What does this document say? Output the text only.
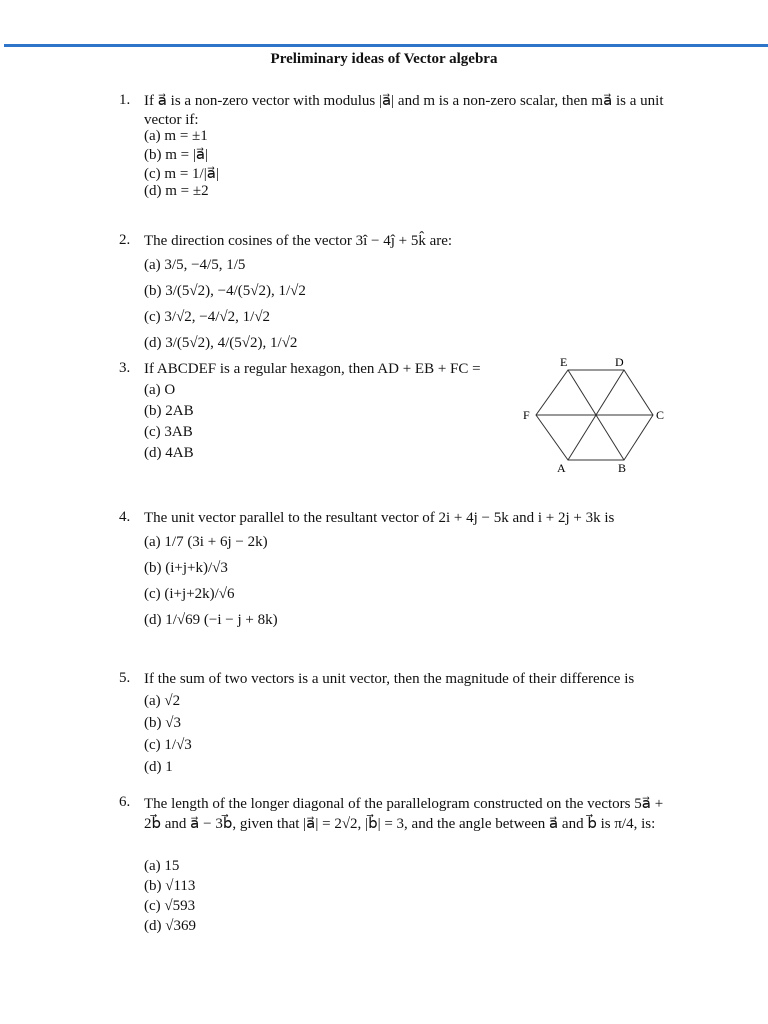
Preliminary ideas of Vector algebra
1. If a⃗ is a non-zero vector with modulus |a⃗| and m is a non-zero scalar, then ma⃗ is a unit vector if:
(a) m = ±1
(b) m = |a⃗|
(c) m = 1/|a⃗|
(d) m = ±2
2. The direction cosines of the vector 3î − 4ĵ + 5k̂ are:
(a) 3/5, −4/5, 1/5
(b) 3/(5√2), −4/(5√2), 1/√2
(c) 3/√2, −4/√2, 1/√2
(d) 3/(5√2), 4/(5√2), 1/√2
3. If ABCDEF is a regular hexagon, then AD + EB + FC =
(a) O
(b) 2AB
(c) 3AB
(d) 4AB
E	D
F	C
A	B
4. The unit vector parallel to the resultant vector of 2i + 4j − 5k and i + 2j + 3k is
(a) 1/7 (3i + 6j − 2k)
(b) (i+j+k)/√3
(c) (i+j+2k)/√6
(d) 1/√69 (−i − j + 8k)
5. If the sum of two vectors is a unit vector, then the magnitude of their difference is
(a) √2
(b) √3
(c) 1/√3
(d) 1
6. The length of the longer diagonal of the parallelogram constructed on the vectors 5a⃗ + 2b⃗ and a⃗ − 3b⃗, given that |a⃗| = 2√2, |b⃗| = 3, and the angle between a⃗ and b⃗ is π/4, is:
(a) 15
(b) √113
(c) √593
(d) √369
